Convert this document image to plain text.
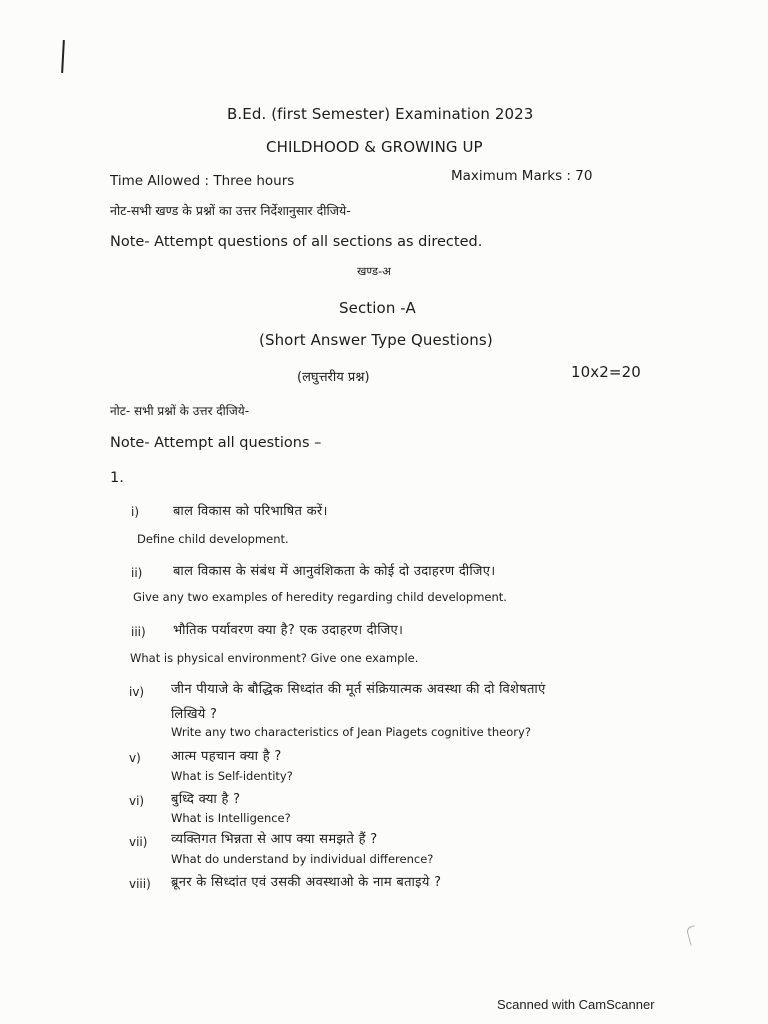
B.Ed. (first Semester) Examination 2023
CHILDHOOD & GROWING UP
Time Allowed : Three hours	Maximum Marks : 70
नोट-सभी खण्ड के प्रश्नों का उत्तर निर्देशानुसार दीजिये-
Note- Attempt questions of all sections as directed.
खण्ड-अ
Section -A
(Short Answer Type Questions)
(लघुत्तरीय प्रश्न)	10x2=20
नोट- सभी प्रश्नों के उत्तर दीजिये-
Note- Attempt all questions –
1.
i)	बाल विकास को परिभाषित करें।
Define child development.
ii) बाल विकास के संबंध में आनुवंशिकता के कोई दो उदाहरण दीजिए।
Give any two examples of heredity regarding child development.
iii) भौतिक पर्यावरण क्या है? एक उदाहरण दीजिए।
What is physical environment? Give one example.
iv) जीन पीयाजे के बौद्धिक सिध्दांत की मूर्त संक्रियात्मक अवस्था की दो विशेषताएं
लिखिये ?
Write any two characteristics of Jean Piagets cognitive theory?
v) आत्म पहचान क्या है ?
What is Self-identity?
vi) बुध्दि क्या है ?
What is Intelligence?
vii) व्यक्तिगत भिन्नता से आप क्या समझते हैं ?
What do understand by individual difference?
viii) ब्रूनर के सिध्दांत एवं उसकी अवस्थाओ के नाम बताइये ?
Scanned with CamScanner
